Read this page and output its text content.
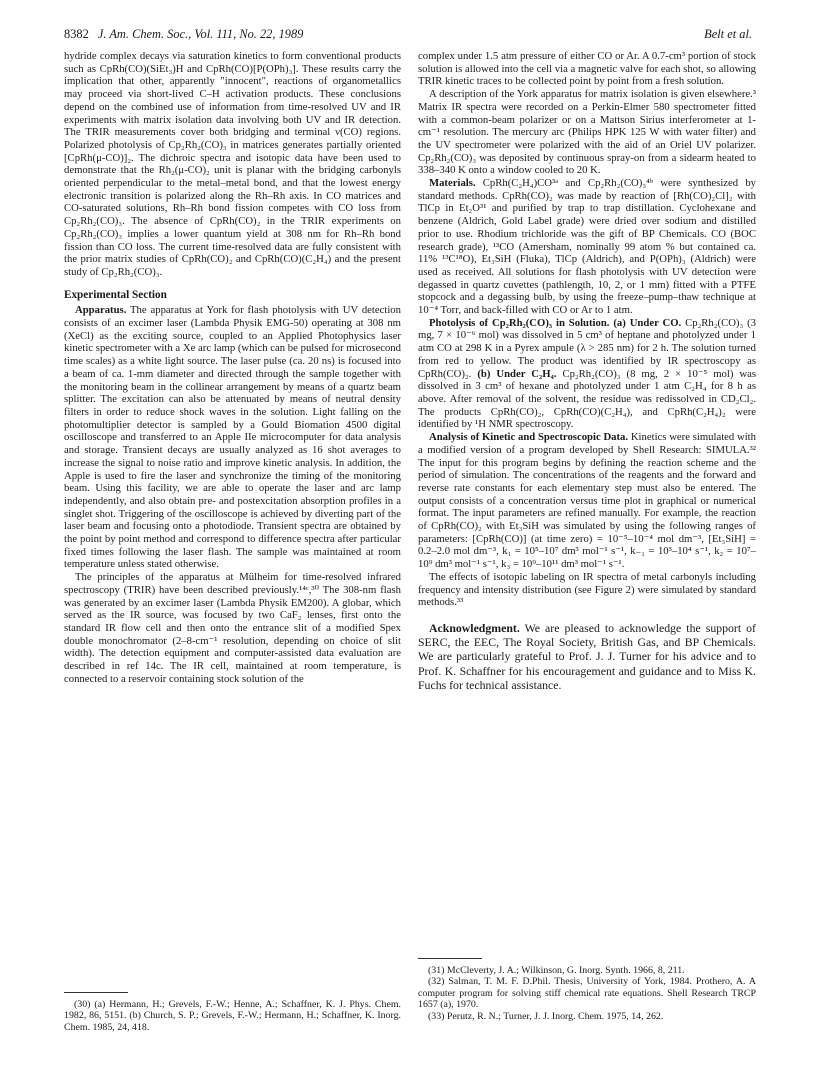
8382 J. Am. Chem. Soc., Vol. 111, No. 22, 1989	Belt et al.

hydride complex decays via saturation kinetics to form conventional products such as CpRh(CO)(SiEt₃)H and CpRh(CO)[P(OPh)₃]. These results carry the implication that other, apparently "innocent", reactions of organometallics may proceed via short-lived C–H activation products. These conclusions depend on the combined use of information from time-resolved UV and IR experiments with matrix isolation data involving both UV and IR detection. The TRIR measurements cover both bridging and terminal ν(CO) regions. Polarized photolysis of Cp₂Rh₂(CO)₃ in matrices generates partially oriented [CpRh(μ-CO)]₂. The dichroic spectra and isotopic data have been used to demonstrate that the Rh₂(μ-CO)₂ unit is planar with the bridging carbonyls oriented perpendicular to the metal–metal bond, and that the lowest energy electronic transition is polarized along the Rh–Rh axis. In CO matrices and CO-saturated solutions, Rh–Rh bond fission competes with CO loss from Cp₂Rh₂(CO)₃. The absence of CpRh(CO)₂ in the TRIR experiments on Cp₂Rh₂(CO)₃ implies a lower quantum yield at 308 nm for Rh–Rh bond fission than CO loss. The current time-resolved data are fully consistent with the prior matrix studies of CpRh(CO)₂ and CpRh(CO)(C₂H₄) and the present study of Cp₂Rh₂(CO)₃.

Experimental Section

Apparatus. The apparatus at York for flash photolysis with UV detection consists of an excimer laser (Lambda Physik EMG-50) operating at 308 nm (XeCl) as the exciting source, coupled to an Applied Photophysics laser kinetic spectrometer with a Xe arc lamp (which can be pulsed for microsecond time scales) as a white light source. The laser pulse (ca. 20 ns) is focused into a beam of ca. 1-mm diameter and directed through the sample together with the monitoring beam in the collinear arrangement by means of a quartz beam splitter. The excitation can also be attenuated by means of neutral density filters in order to reduce shock waves in the solution. Light falling on the photomultiplier detector is sampled by a Gould Biomation 4500 digital oscilloscope and transferred to an Apple IIe microcomputer for data analysis and storage. Transient decays are usually analyzed as 16 shot averages to increase the signal to noise ratio and improve kinetic analysis. In addition, the Apple is used to fire the laser and synchronize the timing of the monitoring beam. Using this facility, we are able to operate the laser and arc lamp independently, and also obtain pre- and postexcitation absorption profiles in a singlet shot. Triggering of the oscilloscope is achieved by diverting part of the laser beam and focusing onto a photodiode. Transient spectra are obtained by the point by point method and correspond to difference spectra after particular fixed times following the laser flash. The sample was maintained at room temperature unless stated otherwise.

The principles of the apparatus at Mülheim for time-resolved infrared spectroscopy (TRIR) have been described previously.¹⁴ᶜ,³⁰ The 308-nm flash was generated by an excimer laser (Lambda Physik EM200). A globar, which served as the IR source, was focused by two CaF₂ lenses, first onto the standard IR flow cell and then onto the entrance slit of a modified Spex double monochromator (2–8-cm⁻¹ resolution, depending on choice of slit width). The detection equipment and computer-assisted data evaluation are described in ref 14c. The IR cell, maintained at room temperature, is connected to a reservoir containing stock solution of the

(30) (a) Hermann, H.; Grevels, F.-W.; Henne, A.; Schaffner, K. J. Phys. Chem. 1982, 86, 5151. (b) Church, S. P.; Grevels, F.-W.; Hermann, H.; Schaffner, K. Inorg. Chem. 1985, 24, 418.

complex under 1.5 atm pressure of either CO or Ar. A 0.7-cm³ portion of stock solution is allowed into the cell via a magnetic valve for each shot, so allowing TRIR kinetic traces to be collected point by point from a fresh solution.

A description of the York apparatus for matrix isolation is given elsewhere.³ Matrix IR spectra were recorded on a Perkin-Elmer 580 spectrometer fitted with a common-beam polarizer or on a Mattson Sirius interferometer at 1-cm⁻¹ resolution. The mercury arc (Philips HPK 125 W with water filter) and the UV spectrometer were polarized with the aid of an Oriel UV polarizer. Cp₂Rh₂(CO)₃ was deposited by continuous spray-on from a sidearm heated to 338–340 K onto a window cooled to 20 K.

Materials. CpRh(C₂H₄)CO³ᵃ and Cp₂Rh₂(CO)₃⁴ᵇ were synthesized by standard methods. CpRh(CO)₂ was made by reaction of [Rh(CO)₂Cl]₂ with TlCp in Et₂O³¹ and purified by trap to trap distillation. Cyclohexane and benzene (Aldrich, Gold Label grade) were dried over sodium and distilled prior to use. Rhodium trichloride was the gift of BP Chemicals. CO (BOC research grade), ¹³CO (Amersham, nominally 99 atom % but contained ca. 11% ¹³C¹⁸O), Et₃SiH (Fluka), TlCp (Aldrich), and P(OPh)₃ (Aldrich) were used as received. All solutions for flash photolysis with UV detection were degassed in quartz cuvettes (pathlength, 10, 2, or 1 mm) fitted with a PTFE stopcock and a degassing bulb, by using the freeze–pump–thaw technique at 10⁻⁴ Torr, and back-filled with CO or Ar to 1 atm.

Photolysis of Cp₂Rh₂(CO)₃ in Solution. (a) Under CO. Cp₂Rh₂(CO)₃ (3 mg, 7 × 10⁻⁶ mol) was dissolved in 5 cm³ of heptane and photolyzed under 1 atm CO at 298 K in a Pyrex ampule (λ > 285 nm) for 2 h. The solution turned from red to yellow. The product was identified by IR spectroscopy as CpRh(CO)₂. (b) Under C₂H₄. Cp₂Rh₂(CO)₃ (8 mg, 2 × 10⁻⁵ mol) was dissolved in 3 cm³ of hexane and photolyzed under 1 atm C₂H₄ for 8 h as above. After removal of the solvent, the residue was redissolved in CD₂Cl₂. The products CpRh(CO)₂, CpRh(CO)(C₂H₄), and CpRh(C₂H₄)₂ were identified by ¹H NMR spectroscopy.

Analysis of Kinetic and Spectroscopic Data. Kinetics were simulated with a modified version of a program developed by Shell Research: SIMULA.³² The input for this program begins by defining the reaction scheme and the period of simulation. The concentrations of the reagents and the forward and reverse rate constants for each elementary step must also be entered. The output consists of a concentration versus time plot in graphical or numerical format. The input parameters are refined manually. For example, the reaction of CpRh(CO)₂ with Et₃SiH was simulated by using the following ranges of parameters: [CpRh(CO)] (at time zero) = 10⁻⁵–10⁻⁴ mol dm⁻³, [Et₃SiH] = 0.2–2.0 mol dm⁻³, k₁ = 10⁵–10⁷ dm³ mol⁻¹ s⁻¹, k₋₁ = 10³–10⁴ s⁻¹, k₂ = 10⁷–10⁹ dm³ mol⁻¹ s⁻¹, k₃ = 10⁹–10¹¹ dm³ mol⁻¹ s⁻¹.

The effects of isotopic labeling on IR spectra of metal carbonyls including frequency and intensity distribution (see Figure 2) were simulated by standard methods.³³

Acknowledgment. We are pleased to acknowledge the support of SERC, the EEC, The Royal Society, British Gas, and BP Chemicals. We are particularly grateful to Prof. J. J. Turner for his advice and to Prof. K. Schaffner for his encouragement and guidance and to Miss K. Fuchs for technical assistance.

(31) McCleverty, J. A.; Wilkinson, G. Inorg. Synth. 1966, 8, 211.

(32) Salman, T. M. F. D.Phil. Thesis, University of York, 1984. Prothero, A. A computer program for solving stiff chemical rate equations. Shell Research TRCP 1657 (a), 1970.

(33) Perutz, R. N.; Turner, J. J. Inorg. Chem. 1975, 14, 262.
